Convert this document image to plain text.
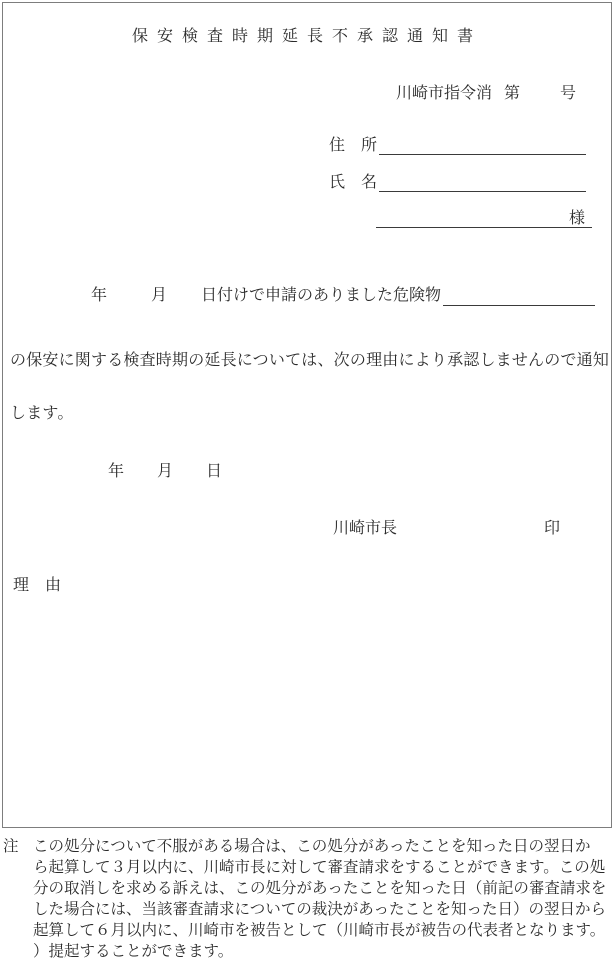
保安検査時期延長不承認通知書
川崎市指令消 第	号
住　所
氏　名
様
年	月 日付けで申請のありました危険物
の保安に関する検査時期の延長については、次の理由により承認しませんので通知
します。
年 月 日
川崎市長	印
理　由
注 この処分について不服がある場合は、この処分があったことを知った日の翌日か
ら起算して３月以内に、川崎市長に対して審査請求をすることができます。この処
分の取消しを求める訴えは、この処分があったことを知った日（前記の審査請求を
した場合には、当該審査請求についての裁決があったことを知った日）の翌日から
起算して６月以内に、川崎市を被告として（川崎市長が被告の代表者となります。
）提起することができます。
